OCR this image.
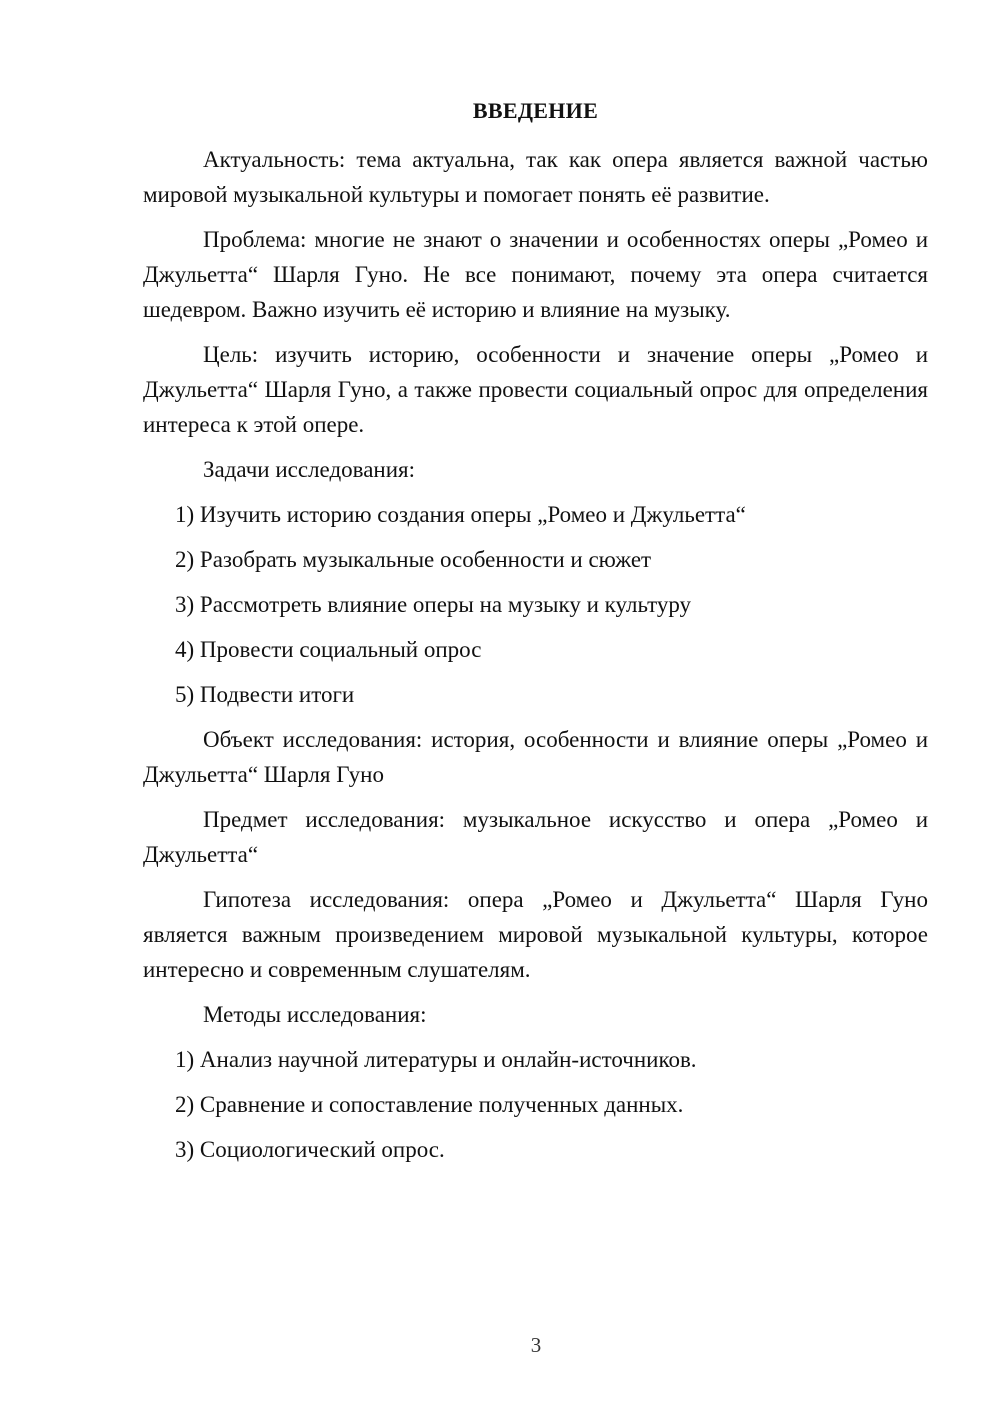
ВВЕДЕНИЕ

Актуальность: тема актуальна, так как опера является важной частью мировой музыкальной культуры и помогает понять её развитие.

Проблема: многие не знают о значении и особенностях оперы „Ромео и Джульетта“ Шарля Гуно. Не все понимают, почему эта опера считается шедевром. Важно изучить её историю и влияние на музыку.

Цель: изучить историю, особенности и значение оперы „Ромео и Джульетта“ Шарля Гуно, а также провести социальный опрос для определения интереса к этой опере.

Задачи исследования:

1) Изучить историю создания оперы „Ромео и Джульетта“
2) Разобрать музыкальные особенности и сюжет
3) Рассмотреть влияние оперы на музыку и культуру
4) Провести социальный опрос
5) Подвести итоги

Объект исследования: история, особенности и влияние оперы „Ромео и Джульетта“ Шарля Гуно

Предмет исследования: музыкальное искусство и опера „Ромео и Джульетта“

Гипотеза исследования: опера „Ромео и Джульетта“ Шарля Гуно является важным произведением мировой музыкальной культуры, которое интересно и современным слушателям.

Методы исследования:

1) Анализ научной литературы и онлайн-источников.
2) Сравнение и сопоставление полученных данных.
3) Социологический опрос.
3
